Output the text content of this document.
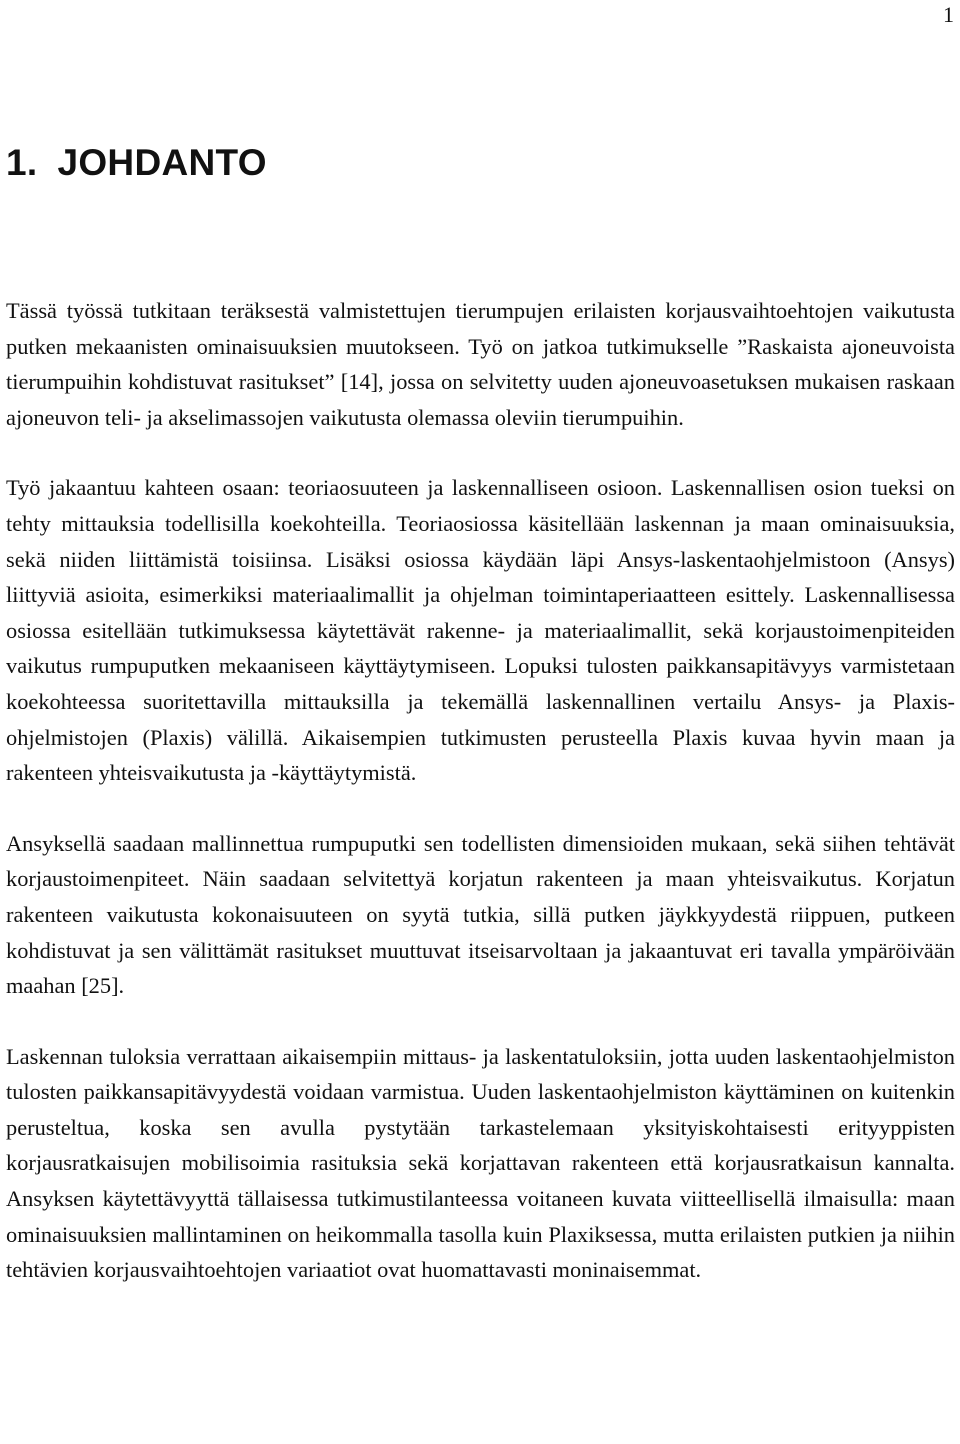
1
1. JOHDANTO

Tässä työssä tutkitaan teräksestä valmistettujen tierumpujen erilaisten korjausvaihtoehtojen vaikutusta putken mekaanisten ominaisuuksien muutokseen. Työ on jatkoa tutkimukselle ”Raskaista ajoneuvoista tierumpuihin kohdistuvat rasitukset” [14], jossa on selvitetty uuden ajoneuvoasetuksen mukaisen raskaan ajoneuvon teli- ja akselimassojen vaikutusta olemassa oleviin tierumpuihin.

Työ jakaantuu kahteen osaan: teoriaosuuteen ja laskennalliseen osioon. Laskennallisen osion tueksi on tehty mittauksia todellisilla koekohteilla. Teoriaosiossa käsitellään laskennan ja maan ominaisuuksia, sekä niiden liittämistä toisiinsa. Lisäksi osiossa käydään läpi Ansys-laskentaohjelmistoon (Ansys) liittyviä asioita, esimerkiksi materiaalimallit ja ohjelman toimintaperiaatteen esittely. Laskennallisessa osiossa esitellään tutkimuksessa käytettävät rakenne- ja materiaalimallit, sekä korjaustoimenpiteiden vaikutus rumpuputken mekaaniseen käyttäytymiseen. Lopuksi tulosten paikkansapitävyys varmistetaan koekohteessa suoritettavilla mittauksilla ja tekemällä laskennallinen vertailu Ansys- ja Plaxis-ohjelmistojen (Plaxis) välillä. Aikaisempien tutkimusten perusteella Plaxis kuvaa hyvin maan ja rakenteen yhteisvaikutusta ja -käyttäytymistä.

Ansyksellä saadaan mallinnettua rumpuputki sen todellisten dimensioiden mukaan, sekä siihen tehtävät korjaustoimenpiteet. Näin saadaan selvitettyä korjatun rakenteen ja maan yhteisvaikutus. Korjatun rakenteen vaikutusta kokonaisuuteen on syytä tutkia, sillä putken jäykkyydestä riippuen, putkeen kohdistuvat ja sen välittämät rasitukset muuttuvat itseisarvoltaan ja jakaantuvat eri tavalla ympäröivään maahan [25].

Laskennan tuloksia verrattaan aikaisempiin mittaus- ja laskentatuloksiin, jotta uuden laskentaohjelmiston tulosten paikkansapitävyydestä voidaan varmistua. Uuden laskentaohjelmiston käyttäminen on kuitenkin perusteltua, koska sen avulla pystytään tarkastelemaan yksityiskohtaisesti erityyppisten korjausratkaisujen mobilisoimia rasituksia sekä korjattavan rakenteen että korjausratkaisun kannalta. Ansyksen käytettävyyttä tällaisessa tutkimustilanteessa voitaneen kuvata viitteellisellä ilmaisulla: maan ominaisuuksien mallintaminen on heikommalla tasolla kuin Plaxiksessa, mutta erilaisten putkien ja niihin tehtävien korjausvaihtoehtojen variaatiot ovat huomattavasti moninaisemmat.
